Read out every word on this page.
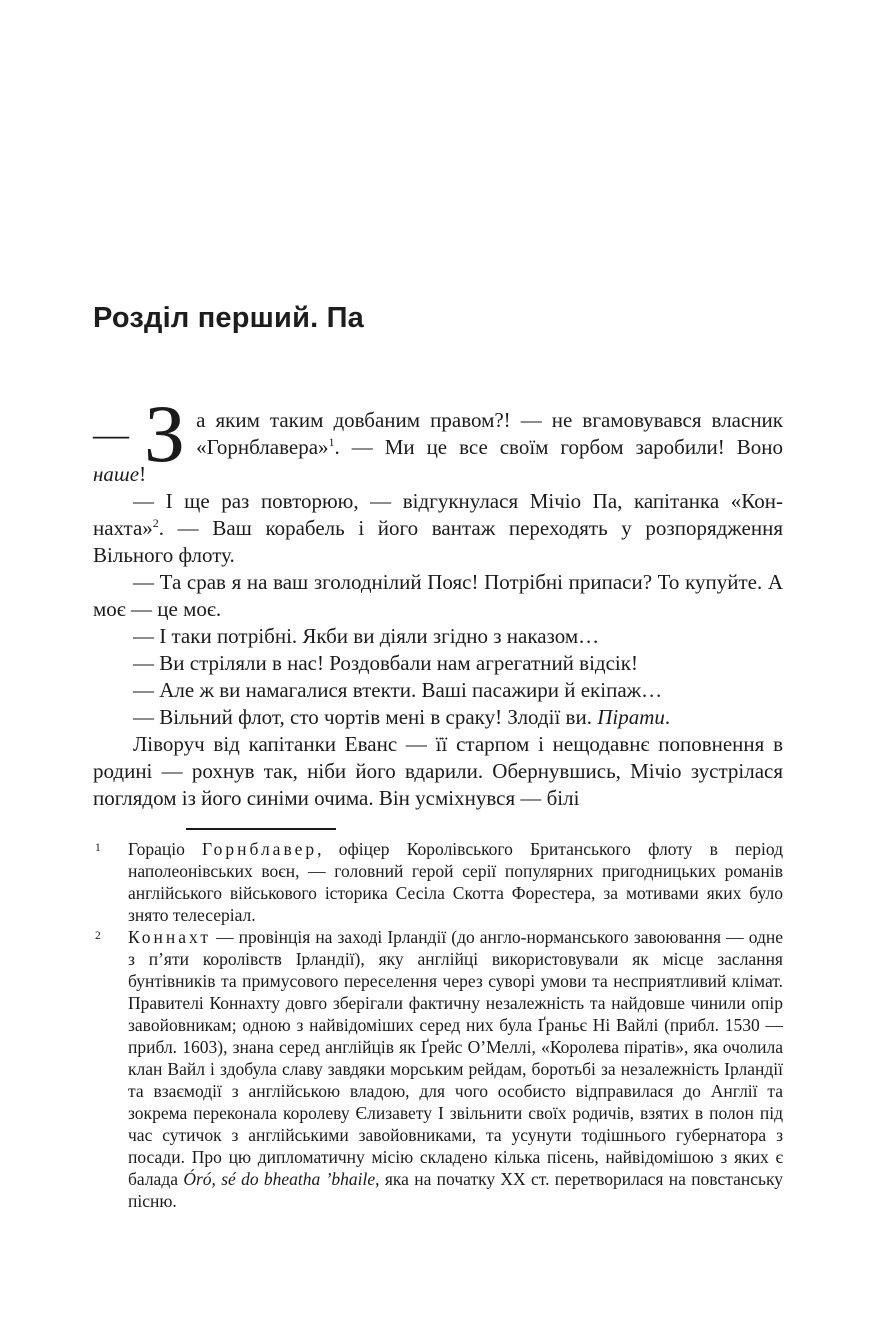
Розділ перший. Па

— З а яким таким довбаним правом?! — не вгамовувався власник «Горнблавера»$^1$. — Ми це все своїм горбом заробили! Воно наше!

— І ще раз повторюю, — відгукнулася Мічіо Па, капітанка «Коннахта»$^2$. — Ваш корабель і його вантаж переходять у розпорядження Вільного флоту.

— Та срав я на ваш зголоднілий Пояс! Потрібні припаси? То купуйте. А моє — це моє.

— І таки потрібні. Якби ви діяли згідно з наказом…

— Ви стріляли в нас! Роздовбали нам агрегатний відсік!

— Але ж ви намагалися втекти. Ваші пасажири й екіпаж…

— Вільний флот, сто чортів мені в сраку! Злодії ви. Пірати.

Ліворуч від капітанки Еванс — її старпом і нещодавнє поповнення в родині — рохнув так, ніби його вдарили. Обернувшись, Мічіо зустрілася поглядом із його синіми очима. Він усміхнувся — білі

1 Гораціо Горнблавер, офіцер Королівського Британського флоту в період наполеонівських воєн, — головний герой серії популярних пригодницьких романів англійського військового історика Сесіла Скотта Форестера, за мотивами яких було знято телесеріал.
2 Коннахт — провінція на заході Ірландії (до англо-норманського завоювання — одне з п’яти королівств Ірландії), яку англійці використовували як місце заслання бунтівників та примусового переселення через суворі умови та несприятливий клімат. Правителі Коннахту довго зберігали фактичну незалежність та найдовше чинили опір завойовникам; одною з найвідоміших серед них була Ґраньє Ні Вайлі (прибл. 1530 — прибл. 1603), знана серед англійців як Ґрейс О’Меллі, «Королева піратів», яка очолила клан Вайл і здобула славу завдяки морським рейдам, боротьбі за незалежність Ірландії та взаємодії з англійською владою, для чого особисто відправилася до Англії та зокрема переконала королеву Єлизавету I звільнити своїх родичів, взятих в полон під час сутичок з англійськими завойовниками, та усунути тодішнього губернатора з посади. Про цю дипломатичну місію складено кілька пісень, найвідомішою з яких є балада Óró, sé do bheatha ’bhaile, яка на початку XX ст. перетворилася на повстанську пісню.
